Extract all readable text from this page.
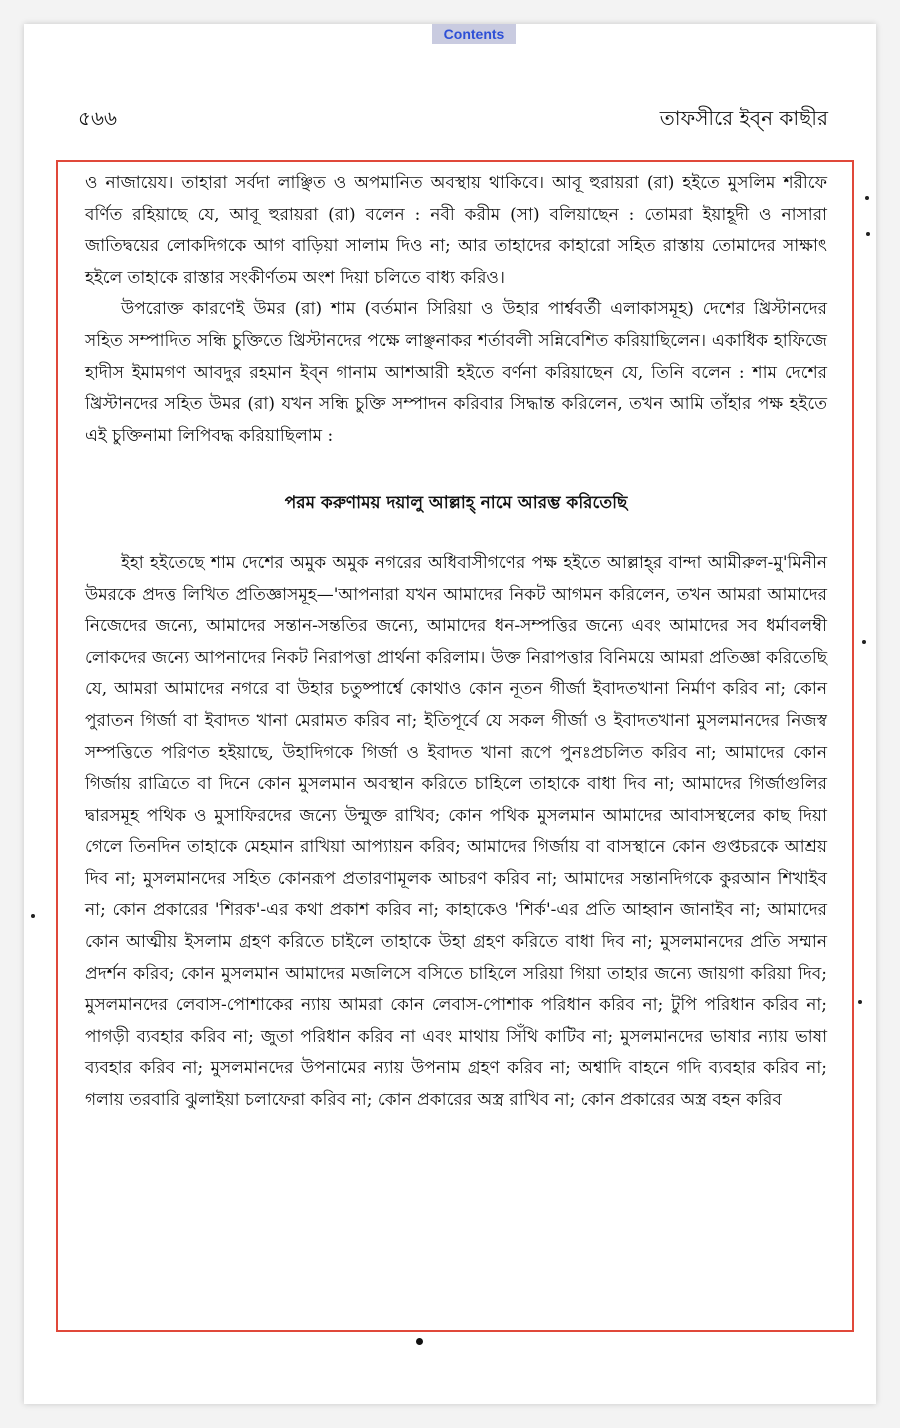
Contents
৫৬৬	তাফসীরে ইব্‌ন কাছীর

ও নাজায়েয। তাহারা সর্বদা লাঞ্ছিত ও অপমানিত অবস্থায় থাকিবে। আবূ হুরায়রা (রা) হইতে মুসলিম শরীফে বর্ণিত রহিয়াছে যে, আবূ হুরায়রা (রা) বলেন : নবী করীম (সা) বলিয়াছেন : তোমরা ইয়াহূদী ও নাসারা জাতিদ্বয়ের লোকদিগকে আগ বাড়িয়া সালাম দিও না; আর তাহাদের কাহারো সহিত রাস্তায় তোমাদের সাক্ষাৎ হইলে তাহাকে রাস্তার সংকীর্ণতম অংশ দিয়া চলিতে বাধ্য করিও।

উপরোক্ত কারণেই উমর (রা) শাম (বর্তমান সিরিয়া ও উহার পার্শ্ববর্তী এলাকাসমূহ) দেশের খ্রিস্টানদের সহিত সম্পাদিত সন্ধি চুক্তিতে খ্রিস্টানদের পক্ষে লাঞ্ছনাকর শর্তাবলী সন্নিবেশিত করিয়াছিলেন। একাধিক হাফিজে হাদীস ইমামগণ আবদুর রহমান ইব্‌ন গানাম আশআরী হইতে বর্ণনা করিয়াছেন যে, তিনি বলেন : শাম দেশের খ্রিস্টানদের সহিত উমর (রা) যখন সন্ধি চুক্তি সম্পাদন করিবার সিদ্ধান্ত করিলেন, তখন আমি তাঁহার পক্ষ হইতে এই চুক্তিনামা লিপিবদ্ধ করিয়াছিলাম :

পরম করুণাময় দয়ালু আল্লাহ্‌ নামে আরম্ভ করিতেছি

ইহা হইতেছে শাম দেশের অমুক অমুক নগরের অধিবাসীগণের পক্ষ হইতে আল্লাহ্‌র বান্দা আমীরুল-মু'মিনীন উমরকে প্রদত্ত লিখিত প্রতিজ্ঞাসমূহ—'আপনারা যখন আমাদের নিকট আগমন করিলেন, তখন আমরা আমাদের নিজেদের জন্যে, আমাদের সন্তান-সন্ততির জন্যে, আমাদের ধন-সম্পত্তির জন্যে এবং আমাদের সব ধর্মাবলম্বী লোকদের জন্যে আপনাদের নিকট নিরাপত্তা প্রার্থনা করিলাম। উক্ত নিরাপত্তার বিনিময়ে আমরা প্রতিজ্ঞা করিতেছি যে, আমরা আমাদের নগরে বা উহার চতুষ্পার্শ্বে কোথাও কোন নূতন গীর্জা ইবাদতখানা নির্মাণ করিব না; কোন পুরাতন গির্জা বা ইবাদত খানা মেরামত করিব না; ইতিপূর্বে যে সকল গীর্জা ও ইবাদতখানা মুসলমানদের নিজস্ব সম্পত্তিতে পরিণত হইয়াছে, উহাদিগকে গির্জা ও ইবাদত খানা রূপে পুনঃপ্রচলিত করিব না; আমাদের কোন গির্জায় রাত্রিতে বা দিনে কোন মুসলমান অবস্থান করিতে চাহিলে তাহাকে বাধা দিব না; আমাদের গির্জাগুলির দ্বারসমূহ পথিক ও মুসাফিরদের জন্যে উন্মুক্ত রাখিব; কোন পথিক মুসলমান আমাদের আবাসস্থলের কাছ দিয়া গেলে তিনদিন তাহাকে মেহমান রাখিয়া আপ্যায়ন করিব; আমাদের গির্জায় বা বাসস্থানে কোন গুপ্তচরকে আশ্রয় দিব না; মুসলমানদের সহিত কোনরূপ প্রতারণামূলক আচরণ করিব না; আমাদের সন্তানদিগকে কুরআন শিখাইব না; কোন প্রকারের 'শিরক'-এর কথা প্রকাশ করিব না; কাহাকেও 'শির্ক'-এর প্রতি আহ্বান জানাইব না; আমাদের কোন আত্মীয় ইসলাম গ্রহণ করিতে চাইলে তাহাকে উহা গ্রহণ করিতে বাধা দিব না; মুসলমানদের প্রতি সম্মান প্রদর্শন করিব; কোন মুসলমান আমাদের মজলিসে বসিতে চাহিলে সরিয়া গিয়া তাহার জন্যে জায়গা করিয়া দিব; মুসলমানদের লেবাস-পোশাকের ন্যায় আমরা কোন লেবাস-পোশাক পরিধান করিব না; টুপি পরিধান করিব না; পাগড়ী ব্যবহার করিব না; জুতা পরিধান করিব না এবং মাথায় সিঁথি কাটিব না; মুসলমানদের ভাষার ন্যায় ভাষা ব্যবহার করিব না; মুসলমানদের উপনামের ন্যায় উপনাম গ্রহণ করিব না; অশ্বাদি বাহনে গদি ব্যবহার করিব না; গলায় তরবারি ঝুলাইয়া চলাফেরা করিব না; কোন প্রকারের অস্ত্র রাখিব না; কোন প্রকারের অস্ত্র বহন করিব
